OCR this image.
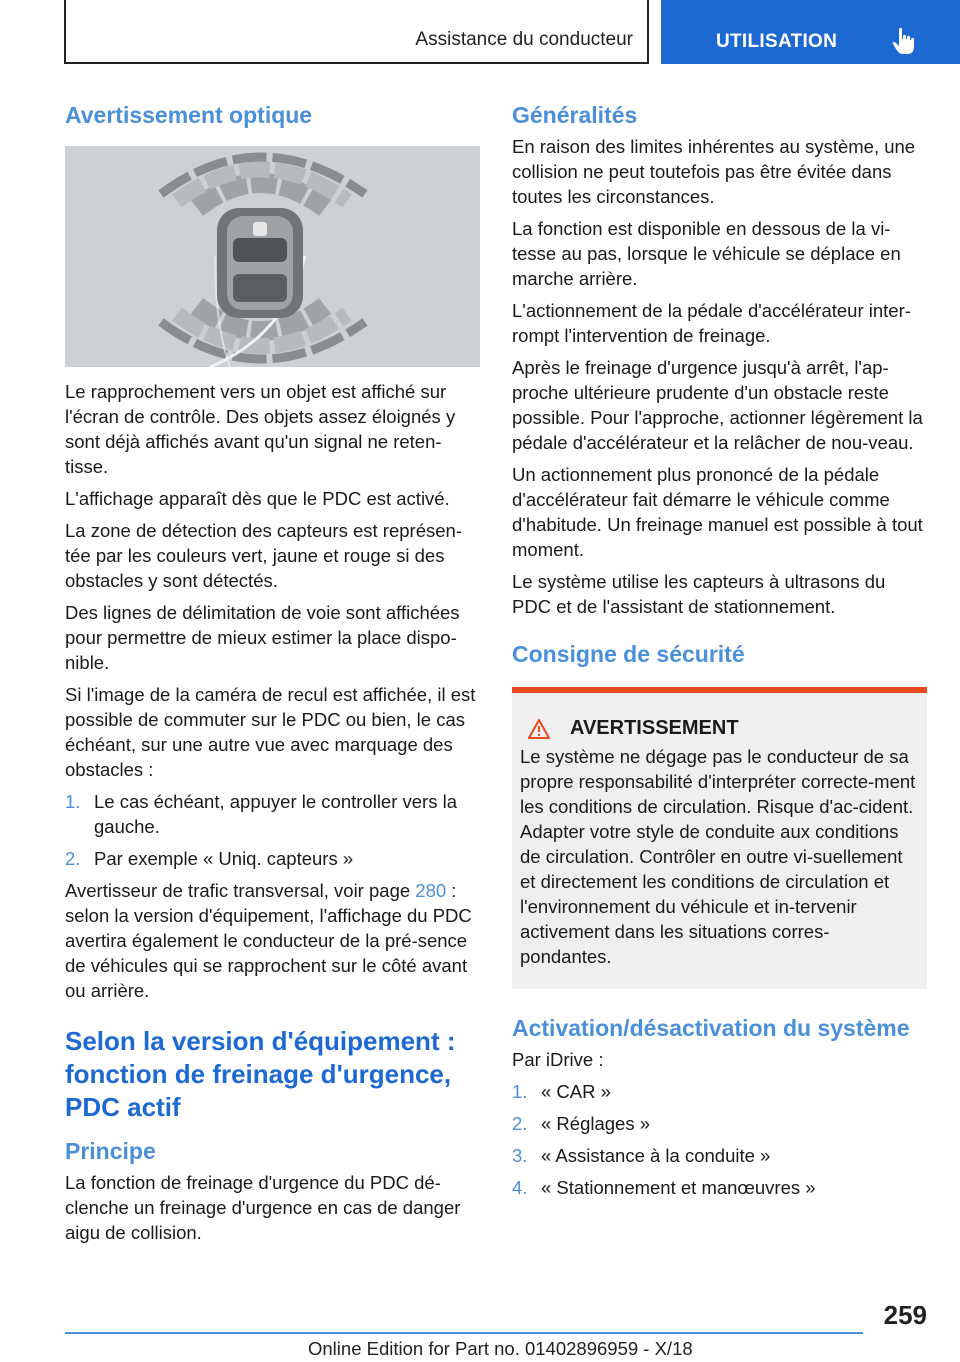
Assistance du conducteur	UTILISATION
Avertissement optique

Le rapprochement vers un objet est affiché sur l'écran de contrôle. Des objets assez éloignés y sont déjà affichés avant qu'un signal ne reten‐tisse.

L'affichage apparaît dès que le PDC est activé.

La zone de détection des capteurs est représen‐tée par les couleurs vert, jaune et rouge si des obstacles y sont détectés.

Des lignes de délimitation de voie sont affichées pour permettre de mieux estimer la place dispo‐nible.

Si l'image de la caméra de recul est affichée, il est possible de commuter sur le PDC ou bien, le cas échéant, sur une autre vue avec marquage des obstacles :

1. Le cas échéant, appuyer le controller vers la gauche.
2. Par exemple « Uniq. capteurs »

Avertisseur de trafic transversal, voir page 280 : selon la version d'équipement, l'affichage du PDC avertira également le conducteur de la pré‐sence de véhicules qui se rapprochent sur le côté avant ou arrière.

Selon la version d'équipement : fonction de freinage d'urgence, PDC actif
Principe

La fonction de freinage d'urgence du PDC dé‐clenche un freinage d'urgence en cas de danger aigu de collision.

Généralités

En raison des limites inhérentes au système, une collision ne peut toutefois pas être évitée dans toutes les circonstances.

La fonction est disponible en dessous de la vi‐tesse au pas, lorsque le véhicule se déplace en marche arrière.

L'actionnement de la pédale d'accélérateur inter‐rompt l'intervention de freinage.

Après le freinage d'urgence jusqu'à arrêt, l'ap‐proche ultérieure prudente d'un obstacle reste possible. Pour l'approche, actionner légèrement la pédale d'accélérateur et la relâcher de nou‐veau.

Un actionnement plus prononcé de la pédale d'accélérateur fait démarre le véhicule comme d'habitude. Un freinage manuel est possible à tout moment.

Le système utilise les capteurs à ultrasons du PDC et de l'assistant de stationnement.

Consigne de sécurité
AVERTISSEMENT

Le système ne dégage pas le conducteur de sa propre responsabilité d'interpréter correcte‐ment les conditions de circulation. Risque d'ac‐cident. Adapter votre style de conduite aux conditions de circulation. Contrôler en outre vi‐suellement et directement les conditions de circulation et l'environnement du véhicule et in‐tervenir activement dans les situations corres‐pondantes.

Activation/désactivation du système

Par iDrive :

1. « CAR »
2. « Réglages »
3. « Assistance à la conduite »
4. « Stationnement et manœuvres »
259
Online Edition for Part no. 01402896959 - X/18
